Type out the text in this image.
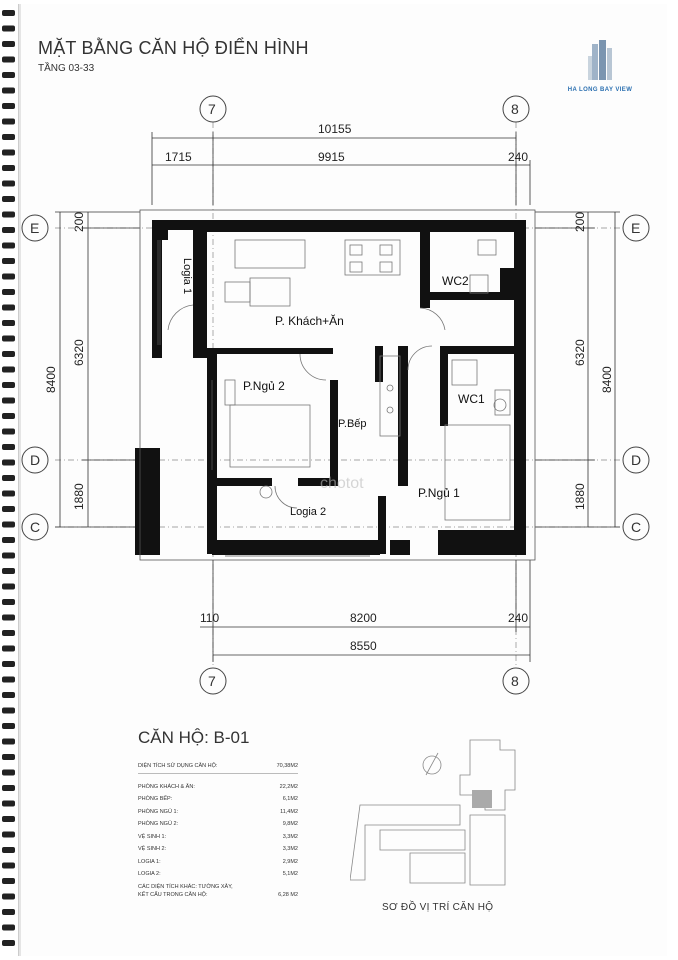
MẶT BẰNG CĂN HỘ ĐIỂN HÌNH
TẦNG 03-33
HA LONG BAY VIEW
7	8
7	8
E
D
C
E
D
C
10155
1715	9915	240
200
6320
8400
1880
200
6320
8400
1880
110	8200	240
8550
P. Khách+Ăn
P.Ngủ 2
P.Bếp
WC1
WC2
P.Ngủ 1
Logia 2
Logia 1
chotot
CĂN HỘ: B-01
DIỆN TÍCH SỬ DỤNG CĂN HỘ:	70,38M2
PHÒNG KHÁCH & ĂN:	22,2M2
PHÒNG BẾP:	6,1M2
PHÒNG NGỦ 1:	11,4M2
PHÒNG NGỦ 2:	9,8M2
VỆ SINH 1:	3,3M2
VỆ SINH 2:	3,3M2
LOGIA 1:	2,9M2
LOGIA 2:	5,1M2
CÁC DIỆN TÍCH KHÁC: TƯỜNG XÂY,
KẾT CẤU TRONG CĂN HỘ:	6,28 M2
SƠ ĐỒ VỊ TRÍ CĂN HỘ
